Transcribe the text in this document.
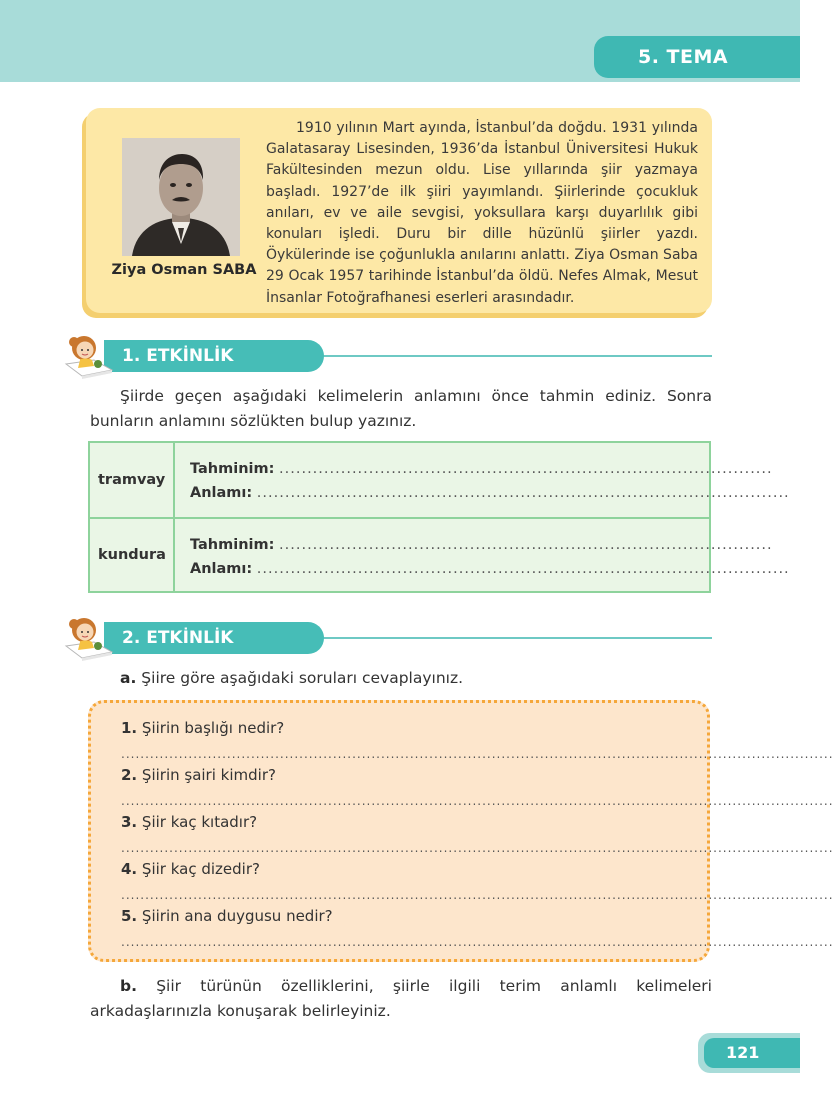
5. TEMA
Ziya Osman SABA

1910 yılının Mart ayında, İstanbul’da doğdu. 1931 yılında Galatasaray Lisesinden, 1936’da İstanbul Üniversitesi Hukuk Fakültesinden mezun oldu. Lise yıllarında şiir yazmaya başladı. 1927’de ilk şiiri yayımlandı. Şiirlerinde çocukluk anıları, ev ve aile sevgisi, yoksullara karşı duyarlılık gibi konuları işledi. Duru bir dille hüzünlü şiirler yazdı. Öykülerinde ise çoğunlukla anılarını anlattı. Ziya Osman Saba 29 Ocak 1957 tarihinde İstanbul’da öldü. Nefes Almak, Mesut İnsanlar Fotoğrafhanesi eserleri arasındadır.

1. ETKİNLİK

Şiirde geçen aşağıdaki kelimelerin anlamını önce tahmin ediniz. Sonra bunların anlamını sözlükten bulup yazınız.

tramvay
Tahminim: ........................................................................................
Anlamı: ...............................................................................................
kundura
Tahminim: ........................................................................................
Anlamı: ...............................................................................................
2. ETKİNLİK

a. Şiire göre aşağıdaki soruları cevaplayınız.

1. Şiirin başlığı nedir?
....................................................................................................................................................
2. Şiirin şairi kimdir?
....................................................................................................................................................
3. Şiir kaç kıtadır?
....................................................................................................................................................
4. Şiir kaç dizedir?
....................................................................................................................................................
5. Şiirin ana duygusu nedir?
....................................................................................................................................................

b. Şiir türünün özelliklerini, şiirle ilgili terim anlamlı kelimeleri arkadaşlarınızla konuşarak belirleyiniz.

121
